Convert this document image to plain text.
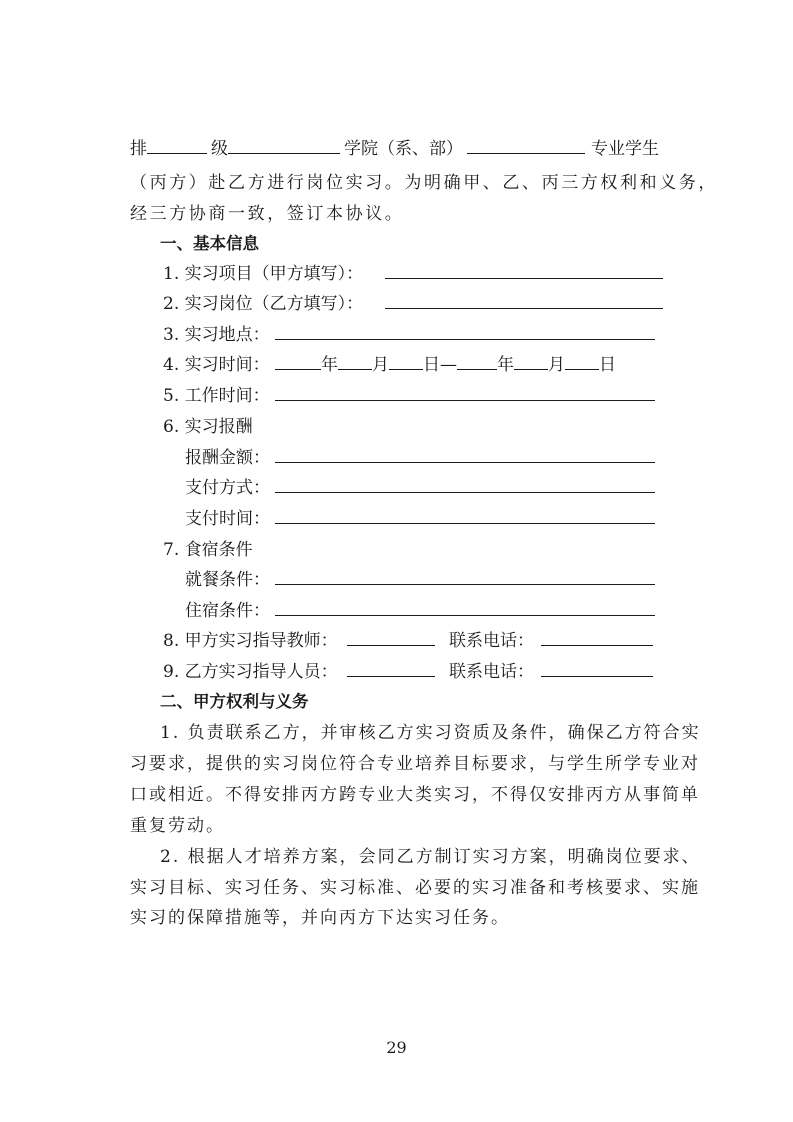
排	级	学院（系、部）	专业学生
（丙方）赴乙方进行岗位实习。为明确甲、乙、丙三方权利和义务，
经三方协商一致，签订本协议。
一、基本信息
1. 实习项目（甲方填写）：
2. 实习岗位（乙方填写）：
3. 实习地点：
4. 实习时间：	年 月 日— 年 月 日
5. 工作时间：
6. 实习报酬
报酬金额：
支付方式：
支付时间：
7. 食宿条件
就餐条件：
住宿条件：
8. 甲方实习指导教师：	联系电话：
9. 乙方实习指导人员：	联系电话：
二、甲方权利与义务
1. 负责联系乙方，并审核乙方实习资质及条件，确保乙方符合实
习要求，提供的实习岗位符合专业培养目标要求，与学生所学专业对
口或相近。不得安排丙方跨专业大类实习，不得仅安排丙方从事简单
重复劳动。
2. 根据人才培养方案，会同乙方制订实习方案，明确岗位要求、
实习目标、实习任务、实习标准、必要的实习准备和考核要求、实施
实习的保障措施等，并向丙方下达实习任务。
29
